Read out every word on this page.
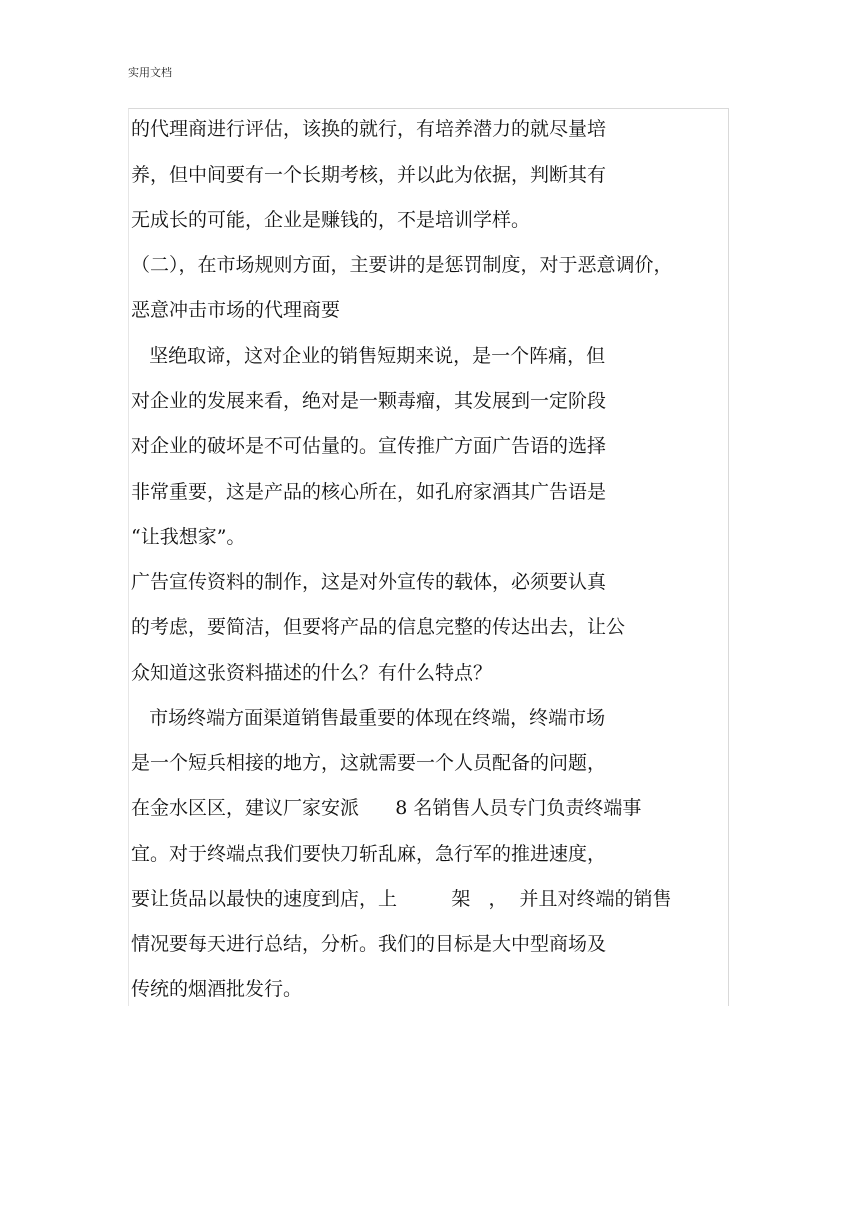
实用文档
的代理商进行评估，该换的就行，有培养潜力的就尽量培
养，但中间要有一个长期考核，并以此为依据，判断其有
无成长的可能，企业是赚钱的，不是培训学样。
（二），在市场规则方面，主要讲的是惩罚制度，对于恶意调价，
恶意冲击市场的代理商要
坚绝取谛，这对企业的销售短期来说，是一个阵痛，但
对企业的发展来看，绝对是一颗毒瘤，其发展到一定阶段
对企业的破坏是不可估量的。宣传推广方面广告语的选择
非常重要，这是产品的核心所在，如孔府家酒其广告语是
“让我想家”。
广告宣传资料的制作，这是对外宣传的载体，必须要认真
的考虑，要简洁，但要将产品的信息完整的传达出去，让公
众知道这张资料描述的什么？有什么特点？
市场终端方面渠道销售最重要的体现在终端，终端市场
是一个短兵相接的地方，这就需要一个人员配备的问题，
在金水区区，建议厂家安派      8 名销售人员专门负责终端事
宜。对于终端点我们要快刀斩乱麻，急行军的推进速度，
要让货品以最快的速度到店，上         架   ，  并且对终端的销售
情况要每天进行总结，分析。我们的目标是大中型商场及
传统的烟酒批发行。
